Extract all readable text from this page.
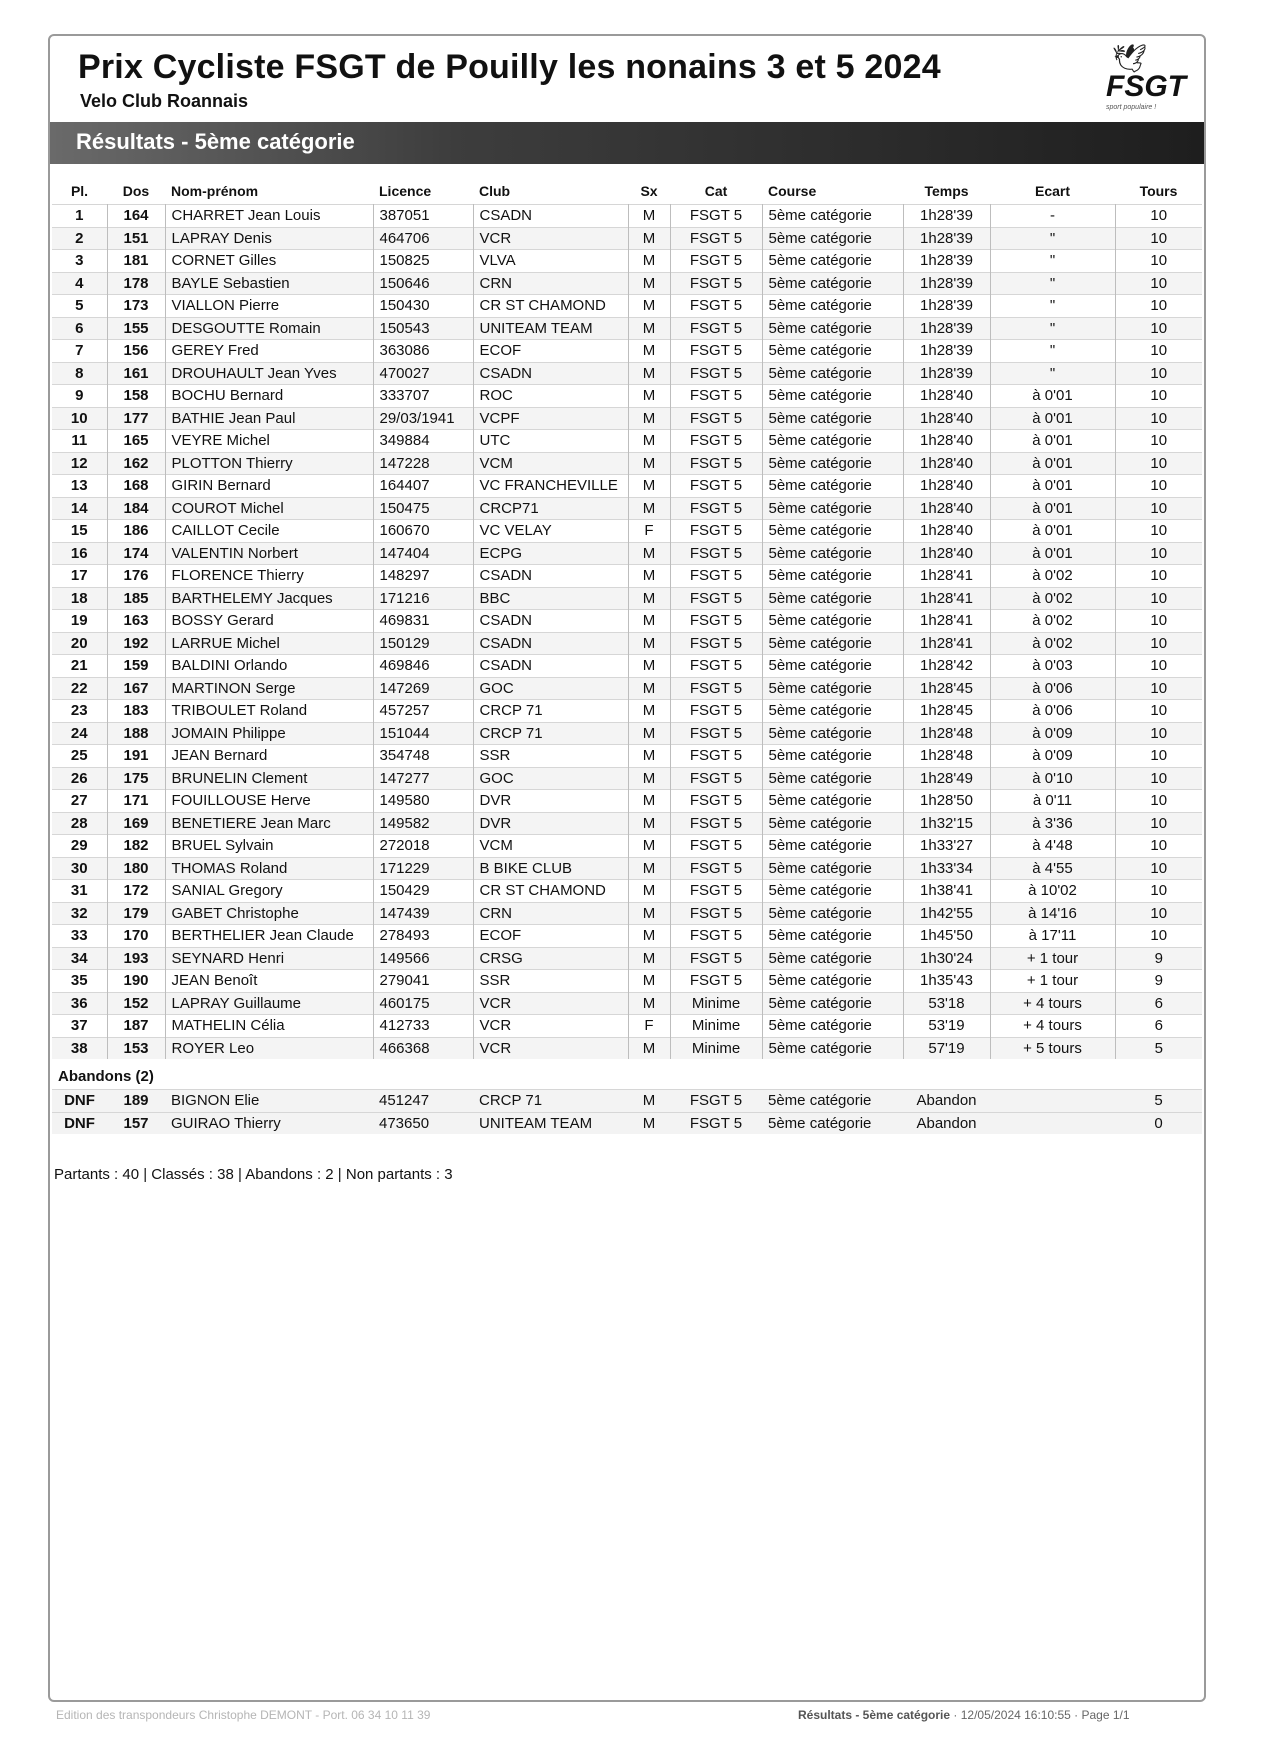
Prix Cycliste FSGT de Pouilly les nonains 3 et 5 2024
Velo Club Roannais
🕊
FSGT
sport populaire !
Résultats - 5ème catégorie
Pl.	Dos	Nom-prénom	Licence	Club	Sx	Cat	Course	Temps	Ecart	Tours
1	164	CHARRET Jean Louis	387051	CSADN	M	FSGT 5	5ème catégorie	1h28'39	-	10
2	151	LAPRAY Denis	464706	VCR	M	FSGT 5	5ème catégorie	1h28'39	"	10
3	181	CORNET Gilles	150825	VLVA	M	FSGT 5	5ème catégorie	1h28'39	"	10
4	178	BAYLE Sebastien	150646	CRN	M	FSGT 5	5ème catégorie	1h28'39	"	10
5	173	VIALLON Pierre	150430	CR ST CHAMOND	M	FSGT 5	5ème catégorie	1h28'39	"	10
6	155	DESGOUTTE Romain	150543	UNITEAM TEAM	M	FSGT 5	5ème catégorie	1h28'39	"	10
7	156	GEREY Fred	363086	ECOF	M	FSGT 5	5ème catégorie	1h28'39	"	10
8	161	DROUHAULT Jean Yves	470027	CSADN	M	FSGT 5	5ème catégorie	1h28'39	"	10
9	158	BOCHU Bernard	333707	ROC	M	FSGT 5	5ème catégorie	1h28'40	à 0'01	10
10	177	BATHIE Jean Paul	29/03/1941	VCPF	M	FSGT 5	5ème catégorie	1h28'40	à 0'01	10
11	165	VEYRE Michel	349884	UTC	M	FSGT 5	5ème catégorie	1h28'40	à 0'01	10
12	162	PLOTTON Thierry	147228	VCM	M	FSGT 5	5ème catégorie	1h28'40	à 0'01	10
13	168	GIRIN Bernard	164407	VC FRANCHEVILLE	M	FSGT 5	5ème catégorie	1h28'40	à 0'01	10
14	184	COUROT Michel	150475	CRCP71	M	FSGT 5	5ème catégorie	1h28'40	à 0'01	10
15	186	CAILLOT Cecile	160670	VC VELAY	F	FSGT 5	5ème catégorie	1h28'40	à 0'01	10
16	174	VALENTIN Norbert	147404	ECPG	M	FSGT 5	5ème catégorie	1h28'40	à 0'01	10
17	176	FLORENCE Thierry	148297	CSADN	M	FSGT 5	5ème catégorie	1h28'41	à 0'02	10
18	185	BARTHELEMY Jacques	171216	BBC	M	FSGT 5	5ème catégorie	1h28'41	à 0'02	10
19	163	BOSSY Gerard	469831	CSADN	M	FSGT 5	5ème catégorie	1h28'41	à 0'02	10
20	192	LARRUE Michel	150129	CSADN	M	FSGT 5	5ème catégorie	1h28'41	à 0'02	10
21	159	BALDINI Orlando	469846	CSADN	M	FSGT 5	5ème catégorie	1h28'42	à 0'03	10
22	167	MARTINON Serge	147269	GOC	M	FSGT 5	5ème catégorie	1h28'45	à 0'06	10
23	183	TRIBOULET Roland	457257	CRCP 71	M	FSGT 5	5ème catégorie	1h28'45	à 0'06	10
24	188	JOMAIN Philippe	151044	CRCP 71	M	FSGT 5	5ème catégorie	1h28'48	à 0'09	10
25	191	JEAN Bernard	354748	SSR	M	FSGT 5	5ème catégorie	1h28'48	à 0'09	10
26	175	BRUNELIN Clement	147277	GOC	M	FSGT 5	5ème catégorie	1h28'49	à 0'10	10
27	171	FOUILLOUSE Herve	149580	DVR	M	FSGT 5	5ème catégorie	1h28'50	à 0'11	10
28	169	BENETIERE Jean Marc	149582	DVR	M	FSGT 5	5ème catégorie	1h32'15	à 3'36	10
29	182	BRUEL Sylvain	272018	VCM	M	FSGT 5	5ème catégorie	1h33'27	à 4'48	10
30	180	THOMAS Roland	171229	B BIKE CLUB	M	FSGT 5	5ème catégorie	1h33'34	à 4'55	10
31	172	SANIAL Gregory	150429	CR ST CHAMOND	M	FSGT 5	5ème catégorie	1h38'41	à 10'02	10
32	179	GABET Christophe	147439	CRN	M	FSGT 5	5ème catégorie	1h42'55	à 14'16	10
33	170	BERTHELIER Jean Claude	278493	ECOF	M	FSGT 5	5ème catégorie	1h45'50	à 17'11	10
34	193	SEYNARD Henri	149566	CRSG	M	FSGT 5	5ème catégorie	1h30'24	+ 1 tour	9
35	190	JEAN Benoît	279041	SSR	M	FSGT 5	5ème catégorie	1h35'43	+ 1 tour	9
36	152	LAPRAY Guillaume	460175	VCR	M	Minime	5ème catégorie	53'18	+ 4 tours	6
37	187	MATHELIN Célia	412733	VCR	F	Minime	5ème catégorie	53'19	+ 4 tours	6
38	153	ROYER Leo	466368	VCR	M	Minime	5ème catégorie	57'19	+ 5 tours	5
Abandons (2)										
DNF	189	BIGNON Elie	451247	CRCP 71	M	FSGT 5	5ème catégorie	Abandon		5
DNF	157	GUIRAO Thierry	473650	UNITEAM TEAM	M	FSGT 5	5ème catégorie	Abandon		0
Partants : 40 | Classés : 38 | Abandons : 2 | Non partants : 3
Edition des transpondeurs Christophe DEMONT - Port. 06 34 10 11 39	Résultats - 5ème catégorie · 12/05/2024 16:10:55 · Page 1/1
